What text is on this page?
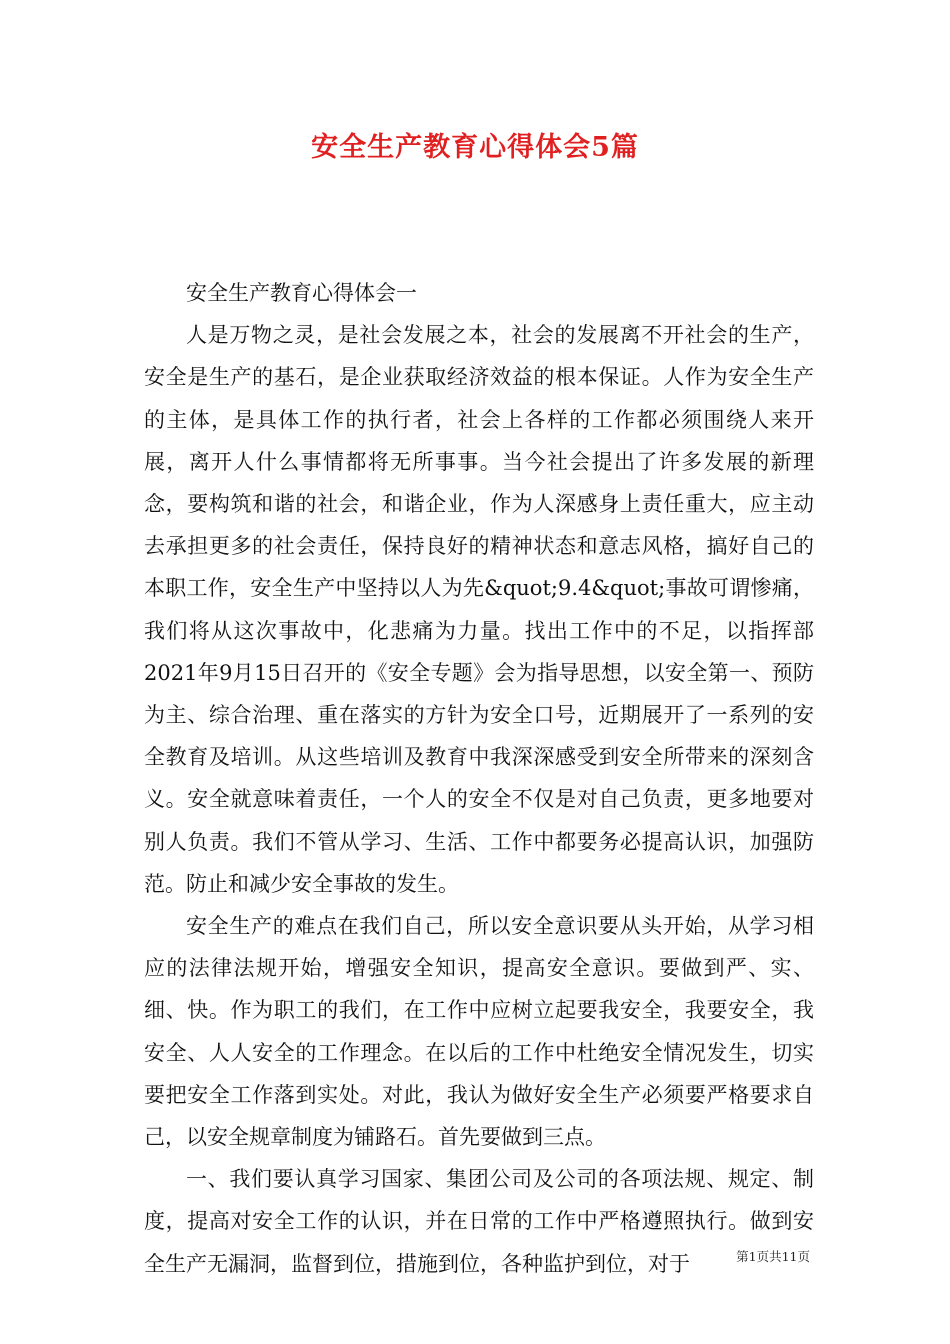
安全生产教育心得体会5篇

安全生产教育心得体会一

人是万物之灵，是社会发展之本，社会的发展离不开社会的生产，安全是生产的基石，是企业获取经济效益的根本保证。人作为安全生产的主体，是具体工作的执行者，社会上各样的工作都必须围绕人来开展，离开人什么事情都将无所事事。当今社会提出了许多发展的新理念，要构筑和谐的社会，和谐企业，作为人深感身上责任重大，应主动去承担更多的社会责任，保持良好的精神状态和意志风格，搞好自己的本职工作，安全生产中坚持以人为先&quot;9.4&quot;事故可谓惨痛，我们将从这次事故中，化悲痛为力量。找出工作中的不足，以指挥部2021年9月15日召开的《安全专题》会为指导思想，以安全第一、预防为主、综合治理、重在落实的方针为安全口号，近期展开了一系列的安全教育及培训。从这些培训及教育中我深深感受到安全所带来的深刻含义。安全就意味着责任，一个人的安全不仅是对自己负责，更多地要对别人负责。我们不管从学习、生活、工作中都要务必提高认识，加强防范。防止和减少安全事故的发生。

安全生产的难点在我们自己，所以安全意识要从头开始，从学习相应的法律法规开始，增强安全知识，提高安全意识。要做到严、实、细、快。作为职工的我们，在工作中应树立起要我安全，我要安全，我安全、人人安全的工作理念。在以后的工作中杜绝安全情况发生，切实要把安全工作落到实处。对此，我认为做好安全生产必须要严格要求自己，以安全规章制度为铺路石。首先要做到三点。

一、我们要认真学习国家、集团公司及公司的各项法规、规定、制度，提高对安全工作的认识，并在日常的工作中严格遵照执行。做到安全生产无漏洞，监督到位，措施到位，各种监护到位，对于	第1页共11页
